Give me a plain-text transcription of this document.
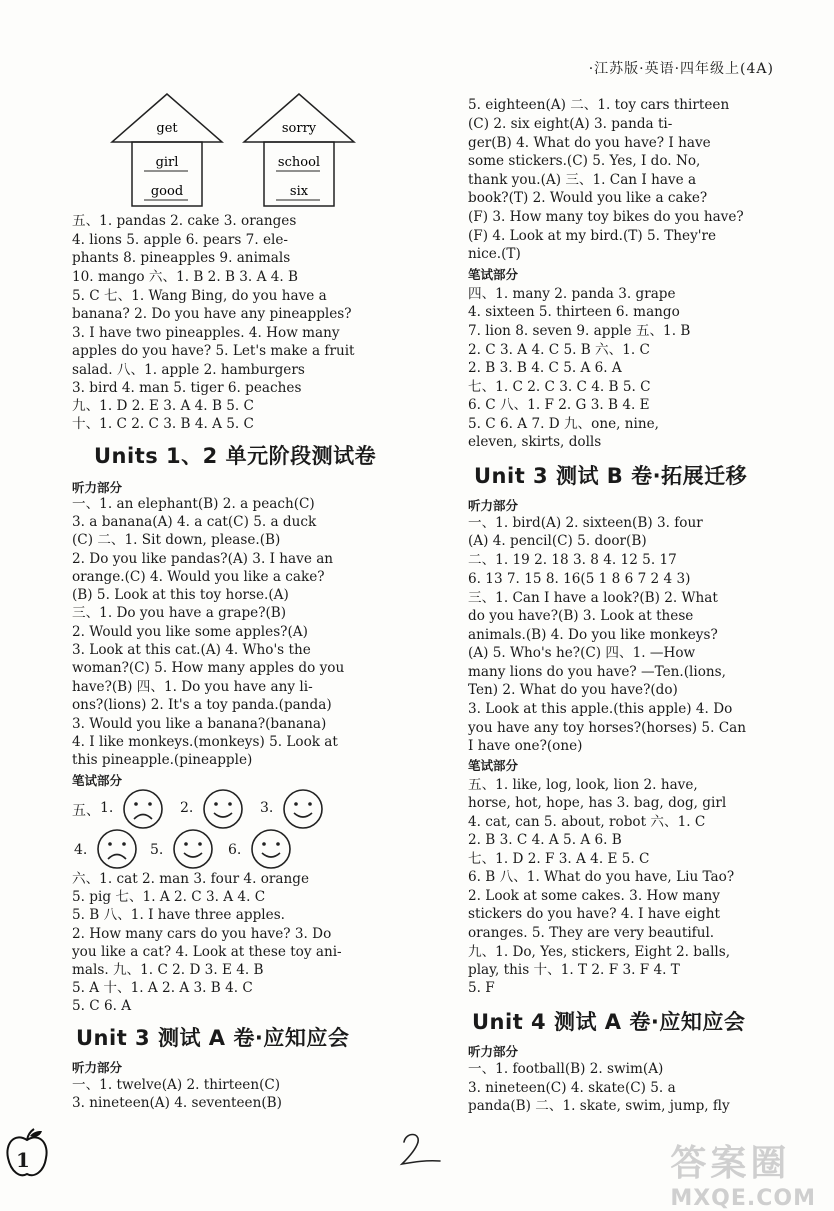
·江苏版·英语·四年级上(4A)
get
girl
good
sorry
school
six
五、1. pandas 2. cake 3. oranges
4. lions 5. apple 6. pears 7. ele-
phants 8. pineapples 9. animals
10. mango 六、1. B 2. B 3. A 4. B
5. C 七、1. Wang Bing, do you have a
banana? 2. Do you have any pineapples?
3. I have two pineapples. 4. How many
apples do you have? 5. Let's make a fruit
salad. 八、1. apple 2. hamburgers
3. bird 4. man 5. tiger 6. peaches
九、1. D 2. E 3. A 4. B 5. C
十、1. C 2. C 3. B 4. A 5. C
Units 1、2 单元阶段测试卷
听力部分
一、1. an elephant(B) 2. a peach(C)
3. a banana(A) 4. a cat(C) 5. a duck
(C) 二、1. Sit down, please.(B)
2. Do you like pandas?(A) 3. I have an
orange.(C) 4. Would you like a cake?
(B) 5. Look at this toy horse.(A)
三、1. Do you have a grape?(B)
2. Would you like some apples?(A)
3. Look at this cat.(A) 4. Who's the
woman?(C) 5. How many apples do you
have?(B) 四、1. Do you have any li-
ons?(lions) 2. It's a toy panda.(panda)
3. Would you like a banana?(banana)
4. I like monkeys.(monkeys) 5. Look at
this pineapple.(pineapple)
笔试部分
五、 1.	2.	3.
4.	5.	6.
六、1. cat 2. man 3. four 4. orange
5. pig 七、1. A 2. C 3. A 4. C
5. B 八、1. I have three apples.
2. How many cars do you have? 3. Do
you like a cat? 4. Look at these toy ani-
mals. 九、1. C 2. D 3. E 4. B
5. A 十、1. A 2. A 3. B 4. C
5. C 6. A
Unit 3 测试 A 卷·应知应会
听力部分
一、1. twelve(A) 2. thirteen(C)
3. nineteen(A) 4. seventeen(B)
5. eighteen(A) 二、1. toy cars thirteen
(C) 2. six eight(A) 3. panda ti-
ger(B) 4. What do you have? I have
some stickers.(C) 5. Yes, I do. No,
thank you.(A) 三、1. Can I have a
book?(T) 2. Would you like a cake?
(F) 3. How many toy bikes do you have?
(F) 4. Look at my bird.(T) 5. They're
nice.(T)
笔试部分
四、1. many 2. panda 3. grape
4. sixteen 5. thirteen 6. mango
7. lion 8. seven 9. apple 五、1. B
2. C 3. A 4. C 5. B 六、1. C
2. B 3. B 4. C 5. A 6. A
七、1. C 2. C 3. C 4. B 5. C
6. C 八、1. F 2. G 3. B 4. E
5. C 6. A 7. D 九、one, nine,
eleven, skirts, dolls
Unit 3 测试 B 卷·拓展迁移
听力部分
一、1. bird(A) 2. sixteen(B) 3. four
(A) 4. pencil(C) 5. door(B)
二、1. 19 2. 18 3. 8 4. 12 5. 17
6. 13 7. 15 8. 16(5 1 8 6 7 2 4 3)
三、1. Can I have a look?(B) 2. What
do you have?(B) 3. Look at these
animals.(B) 4. Do you like monkeys?
(A) 5. Who's he?(C) 四、1. —How
many lions do you have? —Ten.(lions,
Ten) 2. What do you have?(do)
3. Look at this apple.(this apple) 4. Do
you have any toy horses?(horses) 5. Can
I have one?(one)
笔试部分
五、1. like, log, look, lion 2. have,
horse, hot, hope, has 3. bag, dog, girl
4. cat, can 5. about, robot 六、1. C
2. B 3. C 4. A 5. A 6. B
七、1. D 2. F 3. A 4. E 5. C
6. B 八、1. What do you have, Liu Tao?
2. Look at some cakes. 3. How many
stickers do you have? 4. I have eight
oranges. 5. They are very beautiful.
九、1. Do, Yes, stickers, Eight 2. balls,
play, this 十、1. T 2. F 3. F 4. T
5. F
Unit 4 测试 A 卷·应知应会
听力部分
一、1. football(B) 2. swim(A)
3. nineteen(C) 4. skate(C) 5. a
panda(B) 二、1. skate, swim, jump, fly
1	答案圈
MXQE.COM
